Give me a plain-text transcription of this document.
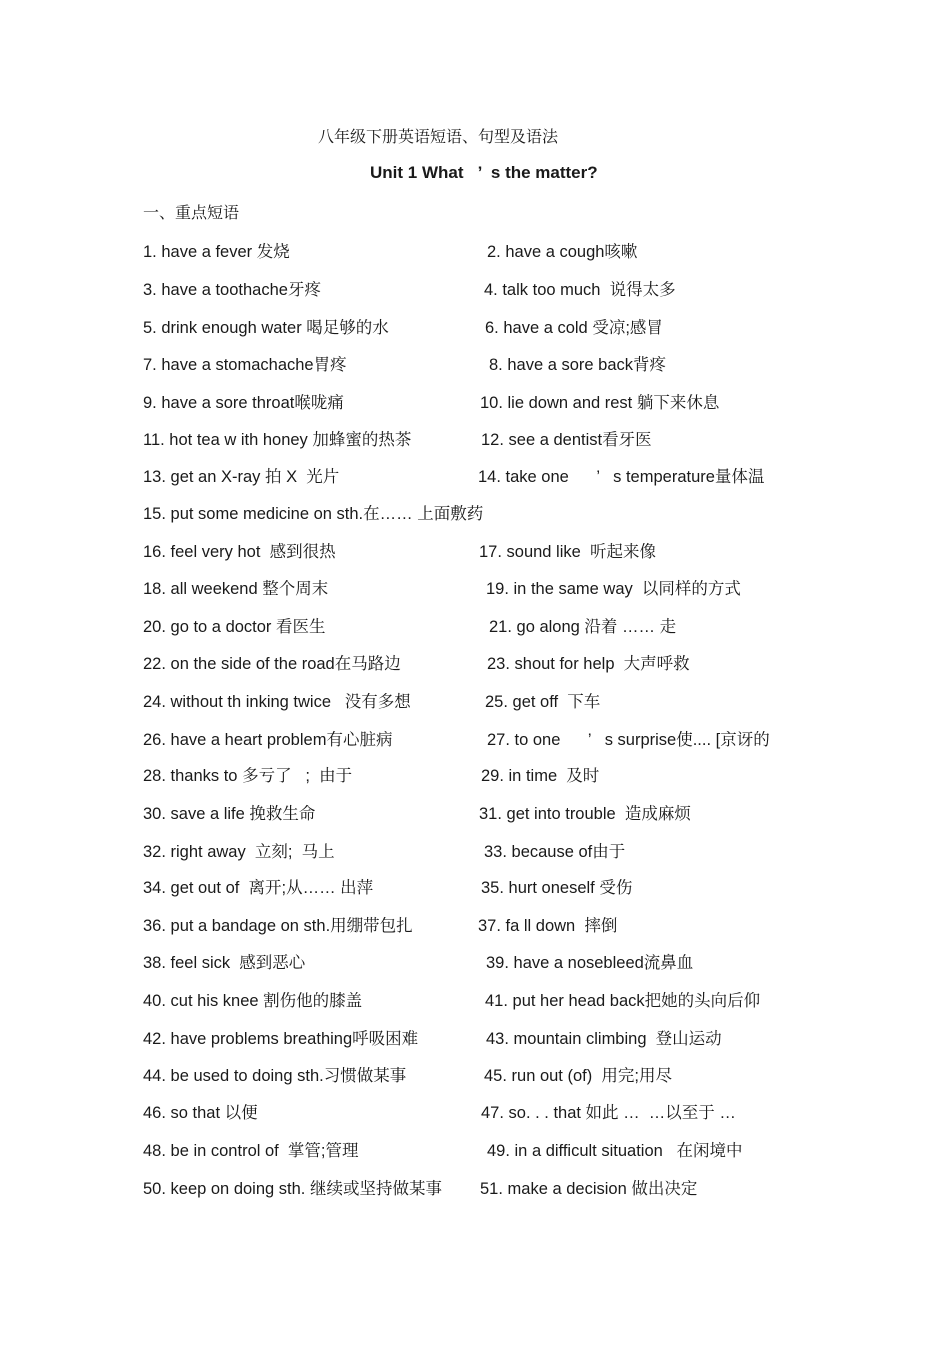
八年级下册英语短语、句型及语法
Unit 1 What   ’  s the matter?
一、重点短语

1. have a fever 发烧

	2. have a cough咳嗽

3. have a toothache牙疼

	4. talk too much  说得太多

5. drink enough water 喝足够的水

	6. have a cold 受凉;感冒

7. have a stomachache胃疼

	8. have a sore back背疼

9. have a sore throat喉咙痛

	10. lie down and rest 躺下来休息

11. hot tea w ith honey 加蜂蜜的热茶

	12. see a dentist看牙医

13. get an X-ray 拍 X  光片

	14. take one      ’   s temperature量体温

15. put some medicine on sth.在…… 上面敷药

16. feel very hot  感到很热

	17. sound like  听起来像

18. all weekend 整个周末

	19. in the same way  以同样的方式

20. go to a doctor 看医生

	21. go along 沿着 …… 走

22. on the side of the road在马路边

	23. shout for help  大声呼救

24. without th inking twice   没有多想

	25. get off  下车

26. have a heart problem有心脏病

	27. to one      ’   s surprise使.... [京讶的

28. thanks to 多亏了   ;  由于

	29. in time  及时

30. save a life 挽救生命

	31. get into trouble  造成麻烦

32. right away  立刻;  马上

	33. because of由于

34. get out of  离开;从…… 出萍

	35. hurt oneself 受伤

36. put a bandage on sth.用绷带包扎

	37. fa ll down  摔倒

38. feel sick  感到恶心

	39. have a nosebleed流鼻血

40. cut his knee 割伤他的膝盖

	41. put her head back把她的头向后仰

42. have problems breathing呼吸困难

	43. mountain climbing  登山运动

44. be used to doing sth.习惯做某事

	45. run out (of)  用完;用尽

46. so that 以便

	47. so. . . that 如此 …  …以至于 …

48. be in control of  掌管;管理

	49. in a difficult situation   在闲境中

50. keep on doing sth. 继续或坚持做某事

51. make a decision 做出决定
